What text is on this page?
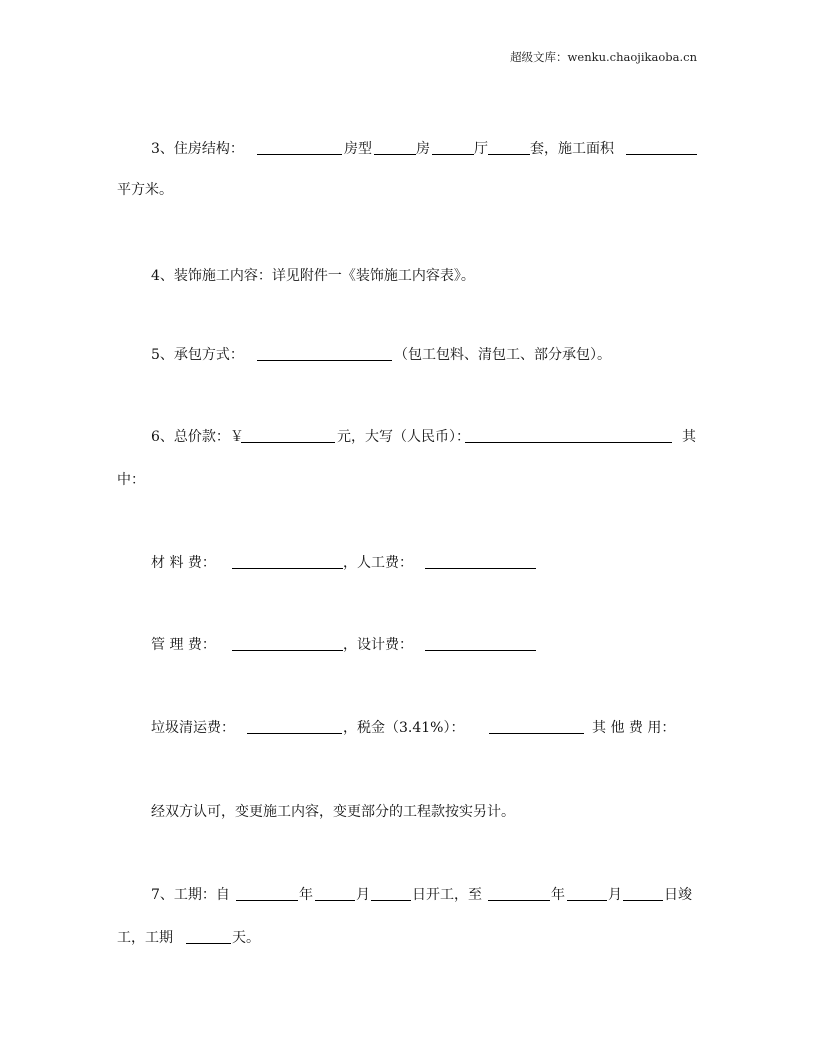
超级文库：wenku.chaojikaoba.cn
3、住房结构：	房型	房	厅	套，施工面积
平方米。
4、装饰施工内容：详见附件一《装饰施工内容表》。
5、承包方式：	（包工包料、清包工、部分承包）。
6、总价款：￥	元，大写（人民币）：	其
中：
材 料 费：	，人工费：
管 理 费：	，设计费：
垃圾清运费：	，税金（3.41%）：	其 他 费 用：
经双方认可，变更施工内容，变更部分的工程款按实另计。
7、工期：自	年	月	日开工，至	年	月	日竣
工，工期	天。
